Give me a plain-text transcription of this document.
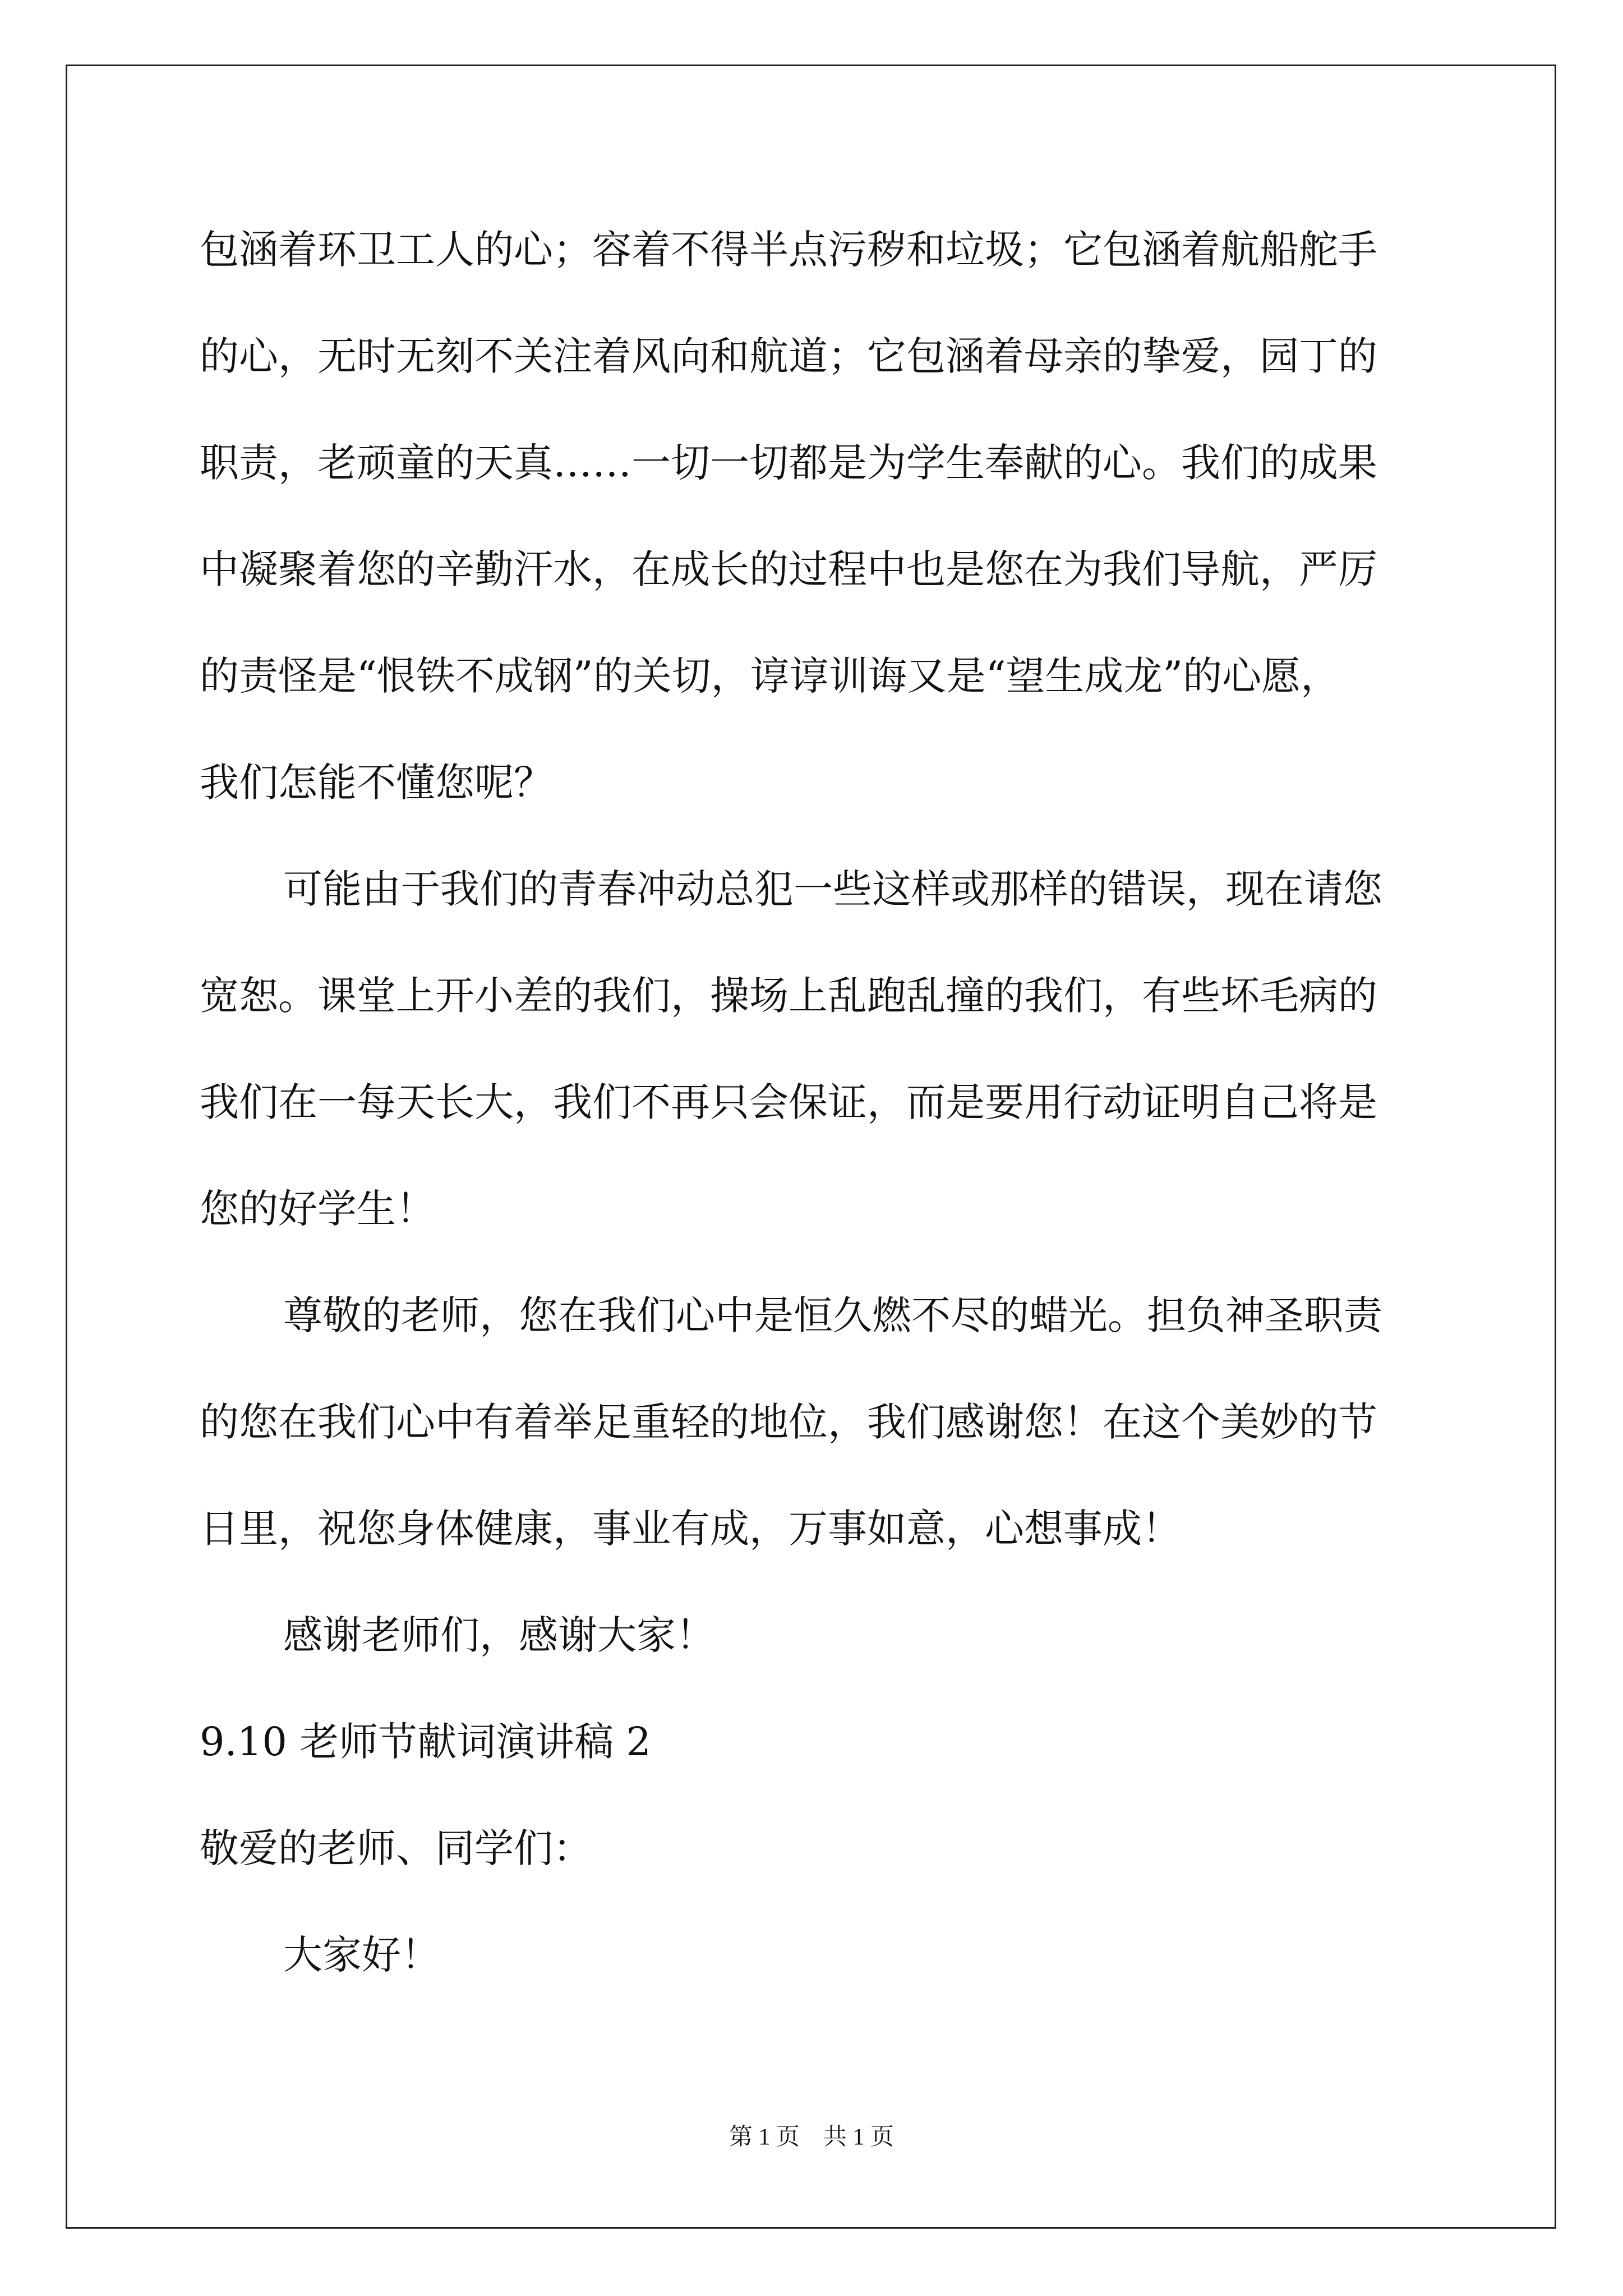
包涵着环卫工人的心；容着不得半点污秽和垃圾；它包涵着航船舵手
的心，无时无刻不关注着风向和航道；它包涵着母亲的挚爱，园丁的
职责，老顽童的天真……一切一切都是为学生奉献的心。我们的成果
中凝聚着您的辛勤汗水，在成长的过程中也是您在为我们导航，严厉
的责怪是“恨铁不成钢”的关切，谆谆训诲又是“望生成龙”的心愿，
我们怎能不懂您呢？
可能由于我们的青春冲动总犯一些这样或那样的错误，现在请您
宽恕。课堂上开小差的我们，操场上乱跑乱撞的我们，有些坏毛病的
我们在一每天长大，我们不再只会保证，而是要用行动证明自己将是
您的好学生！
尊敬的老师，您在我们心中是恒久燃不尽的蜡光。担负神圣职责
的您在我们心中有着举足重轻的地位，我们感谢您！在这个美妙的节
日里，祝您身体健康，事业有成，万事如意，心想事成！
感谢老师们，感谢大家！
9.10 老师节献词演讲稿 2
敬爱的老师、同学们：
大家好！
第 1 页　共 1 页
